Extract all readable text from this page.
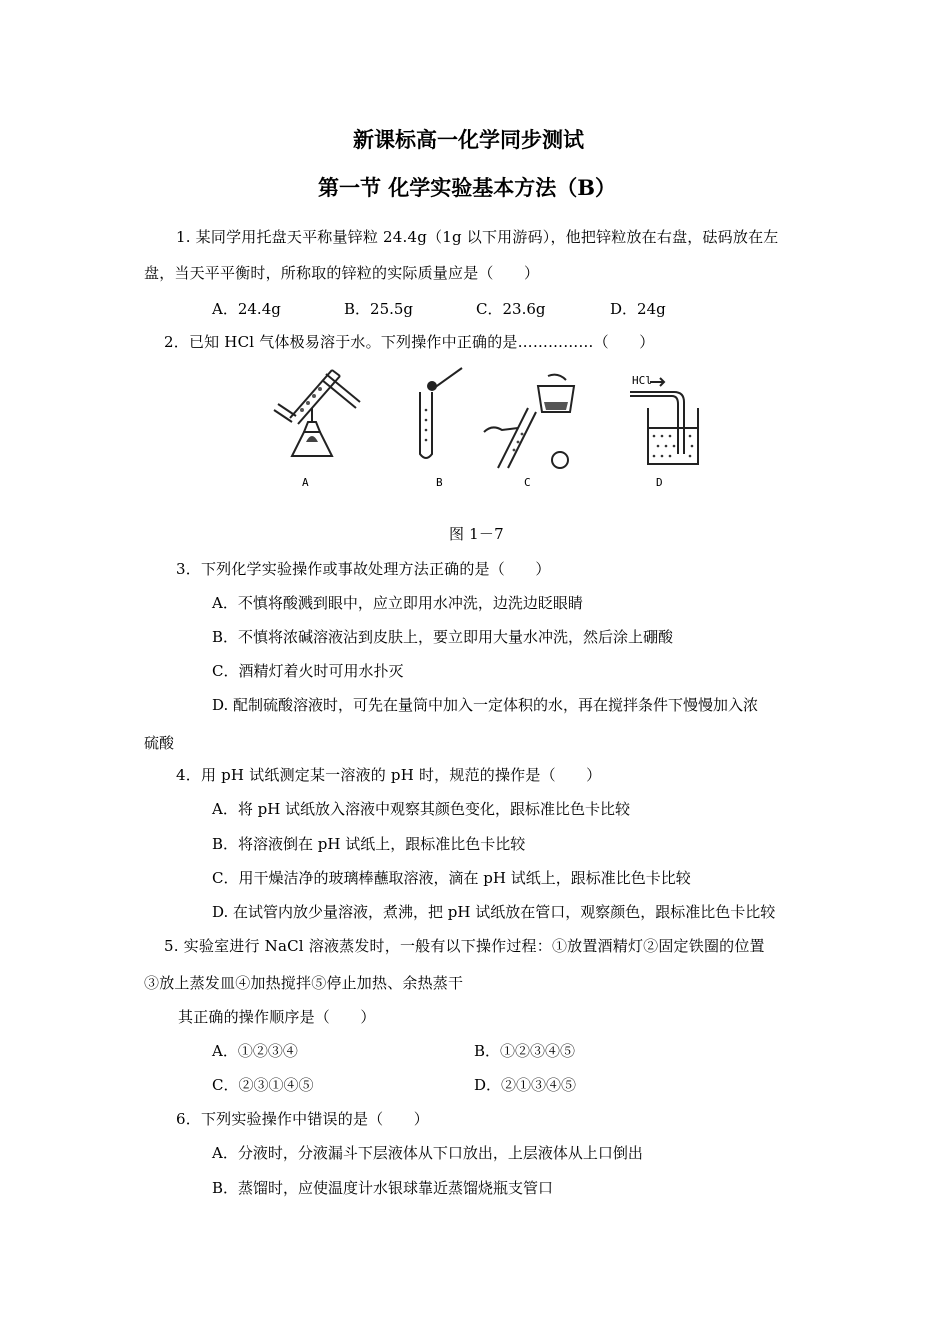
新课标高一化学同步测试
第一节 化学实验基本方法（B）
1. 某同学用托盘天平称量锌粒 24.4g（1g 以下用游码），他把锌粒放在右盘，砝码放在左
盘，当天平平衡时，所称取的锌粒的实际质量应是（　　）
A．24.4g	B．25.5g	C．23.6g	D．24g
2．已知 HCl 气体极易溶于水。下列操作中正确的是……………（　　）
HCl
A	B	C	D
图 1－7
3．下列化学实验操作或事故处理方法正确的是（　　）
A．不慎将酸溅到眼中，应立即用水冲洗，边洗边眨眼睛
B．不慎将浓碱溶液沾到皮肤上，要立即用大量水冲洗，然后涂上硼酸
C．酒精灯着火时可用水扑灭
D. 配制硫酸溶液时，可先在量筒中加入一定体积的水，再在搅拌条件下慢慢加入浓
硫酸
4．用 pH 试纸测定某一溶液的 pH 时，规范的操作是（　　）
A．将 pH 试纸放入溶液中观察其颜色变化，跟标准比色卡比较
B．将溶液倒在 pH 试纸上，跟标准比色卡比较
C．用干燥洁净的玻璃棒蘸取溶液，滴在 pH 试纸上，跟标准比色卡比较
D. 在试管内放少量溶液，煮沸，把 pH 试纸放在管口，观察颜色，跟标准比色卡比较
5. 实验室进行 NaCl 溶液蒸发时，一般有以下操作过程：①放置酒精灯②固定铁圈的位置
③放上蒸发皿④加热搅拌⑤停止加热、余热蒸干
其正确的操作顺序是（　　）
A．①②③④	B．①②③④⑤
C．②③①④⑤	D．②①③④⑤
6．下列实验操作中错误的是（　　）
A．分液时，分液漏斗下层液体从下口放出，上层液体从上口倒出
B．蒸馏时，应使温度计水银球靠近蒸馏烧瓶支管口
